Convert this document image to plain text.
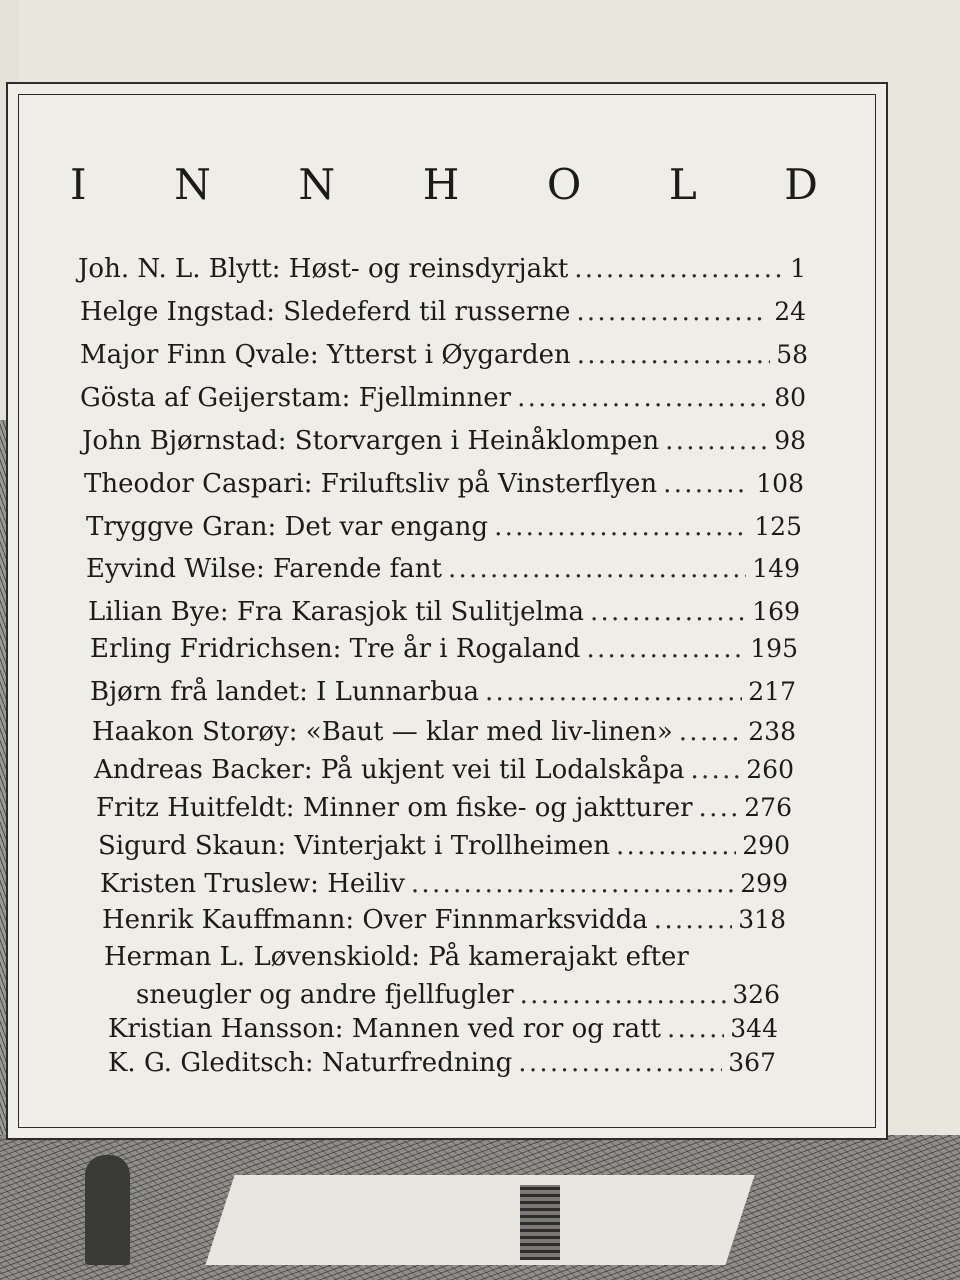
I N N H O L D
Joh. N. L. Blytt: Høst- og reinsdyrjakt . . .	1
Helge Ingstad: Sledeferd til russerne . . .	24
Major Finn Qvale: Ytterst i Øygarden . . .	58
Gösta af Geijerstam: Fjellminner . . .	80
John Bjørnstad: Storvargen i Heinåklompen . . .	98
Theodor Caspari: Friluftsliv på Vinsterflyen . . .	108
Tryggve Gran: Det var engang . . .	125
Eyvind Wilse: Farende fant . . .	149
Lilian Bye: Fra Karasjok til Sulitjelma . . .	169
Erling Fridrichsen: Tre år i Rogaland . . .	195
Bjørn frå landet: I Lunnarbua . . .	217
Haakon Storøy: «Baut — klar med liv-linen» . . .	238
Andreas Backer: På ukjent vei til Lodalskåpa . . . 260
Fritz Huitfeldt: Minner om fiske- og jaktturer . . . 276
Sigurd Skaun: Vinterjakt i Trollheimen . . .	290
Kristen Truslew: Heiliv . . .	299
Henrik Kauffmann: Over Finnmarksvidda . . .	318
Herman L. Løvenskiold: På kamerajakt efter
sneugler og andre fjellfugler . . .	326
Kristian Hansson: Mannen ved ror og ratt . . .	344
K. G. Gleditsch: Naturfredning . . .	367
